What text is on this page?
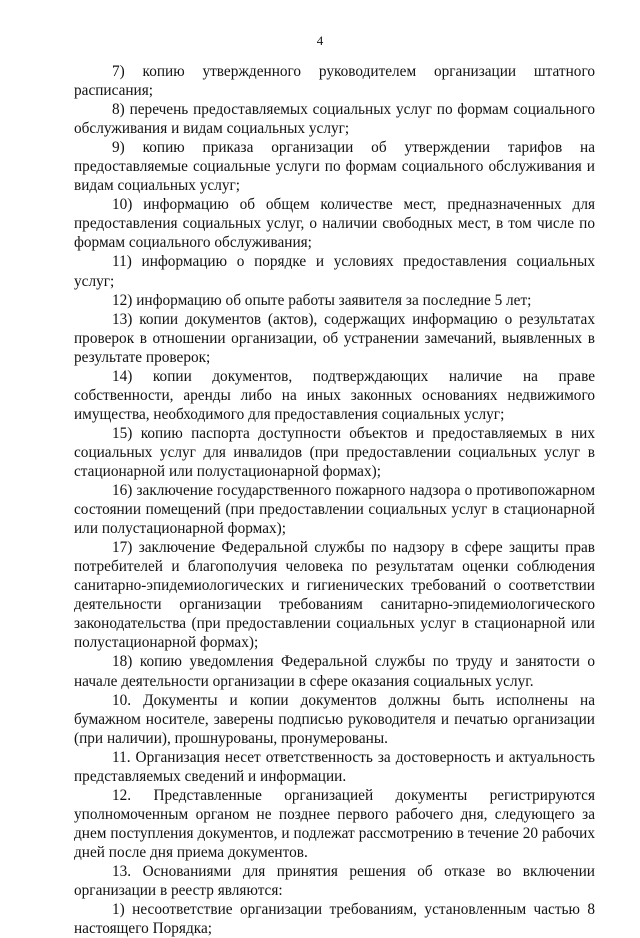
4

7) копию утвержденного руководителем организации штатного расписания;

8) перечень предоставляемых социальных услуг по формам социального обслуживания и видам социальных услуг;

9) копию приказа организации об утверждении тарифов на предоставляемые социальные услуги по формам социального обслуживания и видам социальных услуг;

10) информацию об общем количестве мест, предназначенных для предоставления социальных услуг, о наличии свободных мест, в том числе по формам социального обслуживания;

11) информацию о порядке и условиях предоставления социальных услуг;

12) информацию об опыте работы заявителя за последние 5 лет;

13) копии документов (актов), содержащих информацию о результатах проверок в отношении организации, об устранении замечаний, выявленных в результате проверок;

14) копии документов, подтверждающих наличие на праве собственности, аренды либо на иных законных основаниях недвижимого имущества, необходимого для предоставления социальных услуг;

15) копию паспорта доступности объектов и предоставляемых в них социальных услуг для инвалидов (при предоставлении социальных услуг в стационарной или полустационарной формах);

16) заключение государственного пожарного надзора о противопожарном состоянии помещений (при предоставлении социальных услуг в стационарной или полустационарной формах);

17) заключение Федеральной службы по надзору в сфере защиты прав потребителей и благополучия человека по результатам оценки соблюдения санитарно-эпидемиологических и гигиенических требований о соответствии деятельности организации требованиям санитарно-эпидемиологического законодательства (при предоставлении социальных услуг в стационарной или полустационарной формах);

18) копию уведомления Федеральной службы по труду и занятости о начале деятельности организации в сфере оказания социальных услуг.

10. Документы и копии документов должны быть исполнены на бумажном носителе, заверены подписью руководителя и печатью организации (при наличии), прошнурованы, пронумерованы.

11. Организация несет ответственность за достоверность и актуальность представляемых сведений и информации.

12. Представленные организацией документы регистрируются уполномоченным органом не позднее первого рабочего дня, следующего за днем поступления документов, и подлежат рассмотрению в течение 20 рабочих дней после дня приема документов.

13. Основаниями для принятия решения об отказе во включении организации в реестр являются:

1) несоответствие организации требованиям, установленным частью 8 настоящего Порядка;
